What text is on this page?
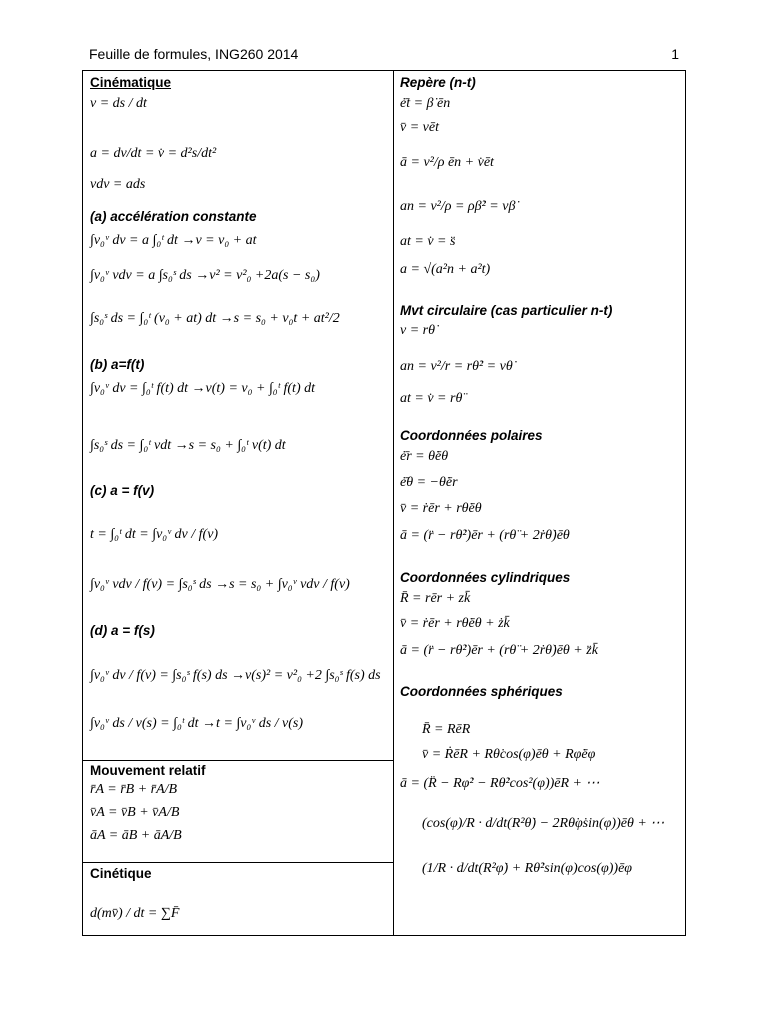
Feuille de formules, ING260 2014	1
Cinématique
v = ds / dt
a = dv/dt = v̇ = d²s/dt²
vdv = ads
(a) accélération constante
∫v₀ᵛ dv = a ∫₀ᵗ dt →v = v₀ + at
∫v₀ᵛ vdv = a ∫s₀ˢ ds →v² = v²₀ +2a(s − s₀)
∫s₀ˢ ds = ∫₀ᵗ (v₀ + at) dt →s = s₀ + v₀t + at²/2
(b) a=f(t)
∫v₀ᵛ dv = ∫₀ᵗ f(t) dt →v(t) = v₀ + ∫₀ᵗ f(t) dt
∫s₀ˢ ds = ∫₀ᵗ vdt →s = s₀ + ∫₀ᵗ v(t) dt
(c) a = f(v)
t = ∫₀ᵗ dt = ∫v₀ᵛ dv / f(v)
∫v₀ᵛ vdv / f(v) = ∫s₀ˢ ds →s = s₀ + ∫v₀ᵛ vdv / f(v)
(d) a = f(s)
∫v₀ᵛ dv / f(v) = ∫s₀ˢ f(s) ds →v(s)² = v²₀ +2 ∫s₀ˢ f(s) ds
∫v₀ᵛ ds / v(s) = ∫₀ᵗ dt →t = ∫v₀ᵛ ds / v(s)
Mouvement relatif
r̄A = r̄B + r̄A/B
v̄A = v̄B + v̄A/B
āA = āB + āA/B
Cinétique
d(mv̄) / dt = ∑F̄
Repère (n-t)
ė̄t = β̇ ēn
v̄ = vēt
ā = v²/ρ ēn + v̇ēt
an = v²/ρ = ρβ̇² = vβ̇
at = v̇ = s̈
a = √(a²n + a²t)
Mvt circulaire (cas particulier n-t)
v = rθ̇
an = v²/r = rθ̇² = vθ̇
at = v̇ = rθ̈
Coordonnées polaires
ė̄r = θ̇ēθ
ė̄θ = −θ̇ēr
v̄ = ṙēr + rθ̇ēθ
ā = (r̈ − rθ̇²)ēr + (rθ̈ + 2ṙθ̇)ēθ
Coordonnées cylindriques
R̄ = rēr + zk̄
v̄ = ṙēr + rθ̇ēθ + żk̄
ā = (r̈ − rθ̇²)ēr + (rθ̈ + 2ṙθ̇)ēθ + z̈k̄
Coordonnées sphériques
R̄ = RēR
v̄ = ṘēR + Rθ̇cos(φ)ēθ + Rφ̇ēφ
ā = (R̈ − Rφ̇² − Rθ̇²cos²(φ))ēR + ⋯
(cos(φ)/R · d/dt(R²θ̇) − 2Rθ̇φ̇sin(φ))ēθ + ⋯
(1/R · d/dt(R²φ̇) + Rθ̇²sin(φ)cos(φ))ēφ
